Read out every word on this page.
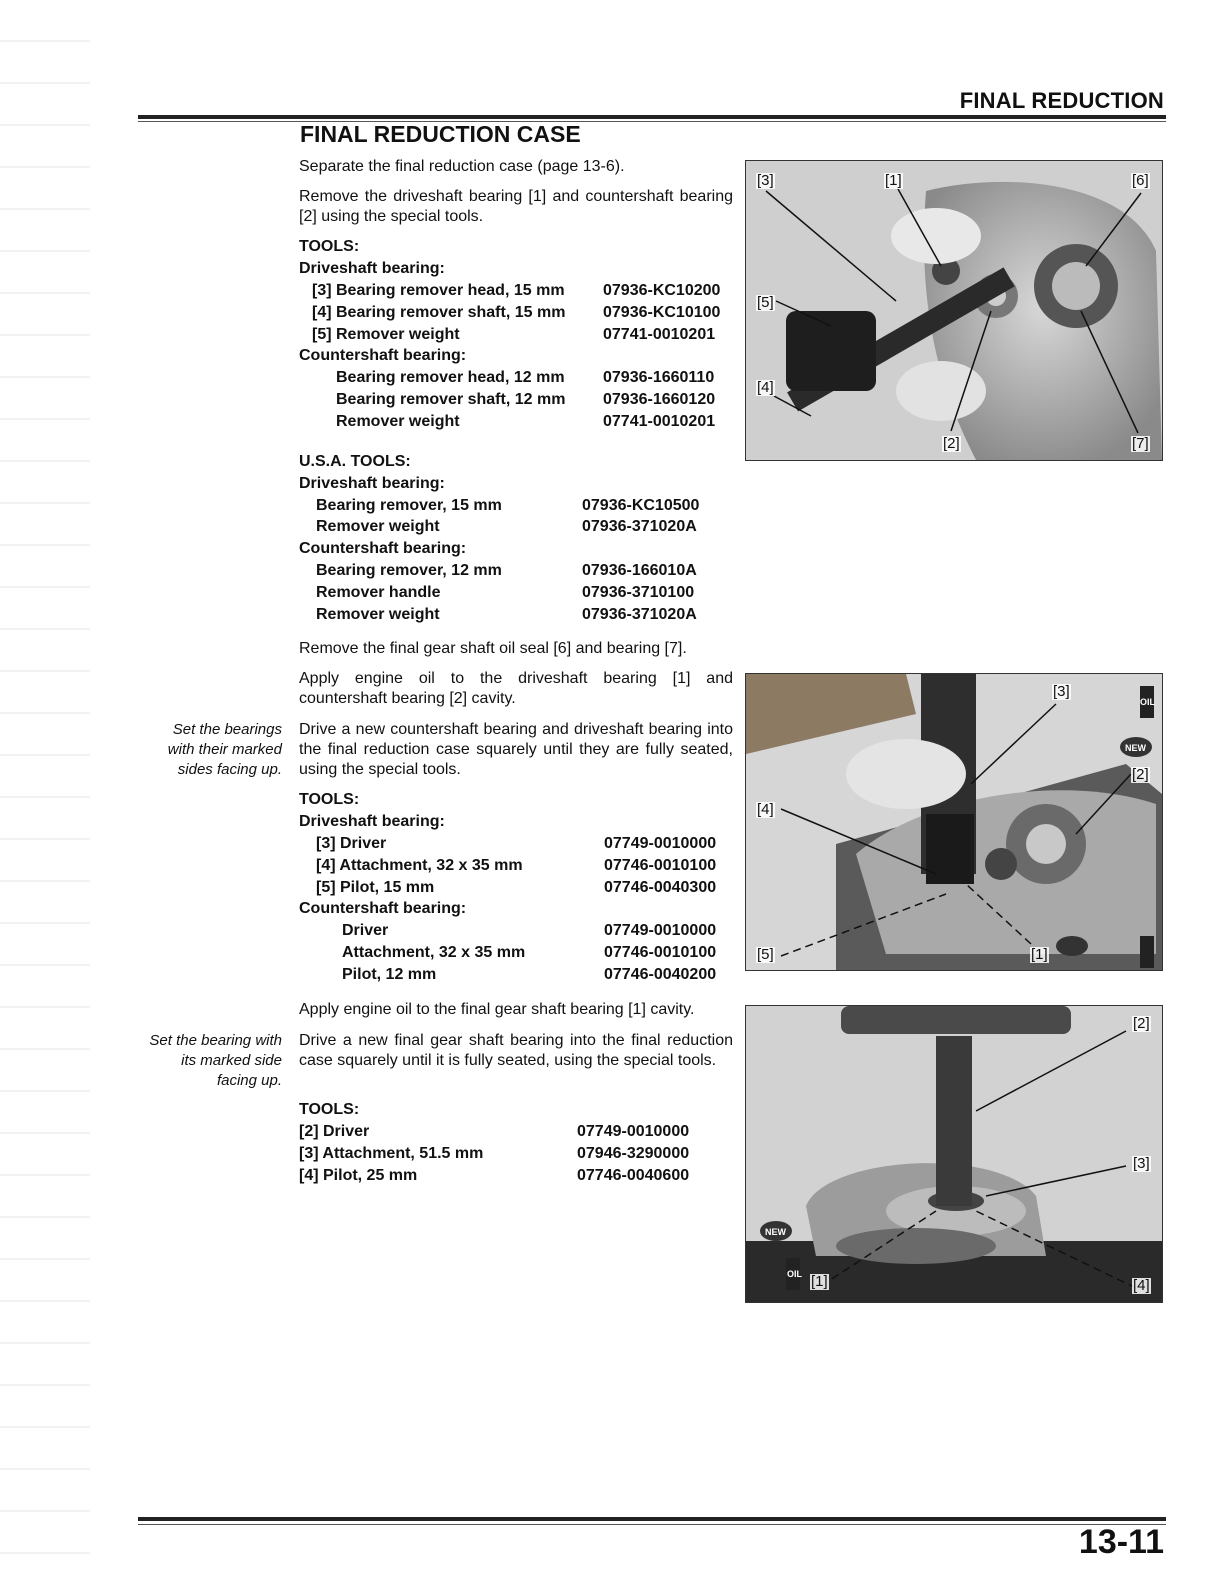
FINAL REDUCTION
FINAL REDUCTION CASE
Separate the final reduction case (page 13-6).
Remove the driveshaft bearing [1] and countershaft bearing [2] using the special tools.
TOOLS:
Driveshaft bearing:
[3] Bearing remover head, 15 mm 07936-KC10200
[4] Bearing remover shaft, 15 mm 07936-KC10100
[5] Remover weight	07741-0010201
Countershaft bearing:
Bearing remover head, 12 mm 07936-1660110
Bearing remover shaft, 12 mm 07936-1660120
Remover weight	07741-0010201
U.S.A. TOOLS:
Driveshaft bearing:
Bearing remover, 15 mm	07936-KC10500
Remover weight	07936-371020A
Countershaft bearing:
Bearing remover, 12 mm	07936-166010A
Remover handle	07936-3710100
Remover weight	07936-371020A
Remove the final gear shaft oil seal [6] and bearing [7].
Apply engine oil to the driveshaft bearing [1] and countershaft bearing [2] cavity.
Set the bearings
with their marked
sides facing up.
Drive a new countershaft bearing and driveshaft bearing into the final reduction case squarely until they are fully seated, using the special tools.
TOOLS:
Driveshaft bearing:
[3] Driver	07749-0010000
[4] Attachment, 32 x 35 mm	07746-0010100
[5] Pilot, 15 mm	07746-0040300
Countershaft bearing:
Driver	07749-0010000
Attachment, 32 x 35 mm	07746-0010100
Pilot, 12 mm	07746-0040200
Apply engine oil to the final gear shaft bearing [1] cavity.
Set the bearing with
its marked side
facing up.
Drive a new final gear shaft bearing into the final reduction case squarely until it is fully seated, using the special tools.
TOOLS:
[2] Driver	07749-0010000
[3] Attachment, 51.5 mm	07946-3290000
[4] Pilot, 25 mm	07746-0040600
[3]	[1]	[6]
[5]
[4]
[2]	[7]
[3]
[2]
[4]
[5]	[1]
OIL
NEW
[2]
[3]
[1]	[4]
OIL
NEW
13-11
